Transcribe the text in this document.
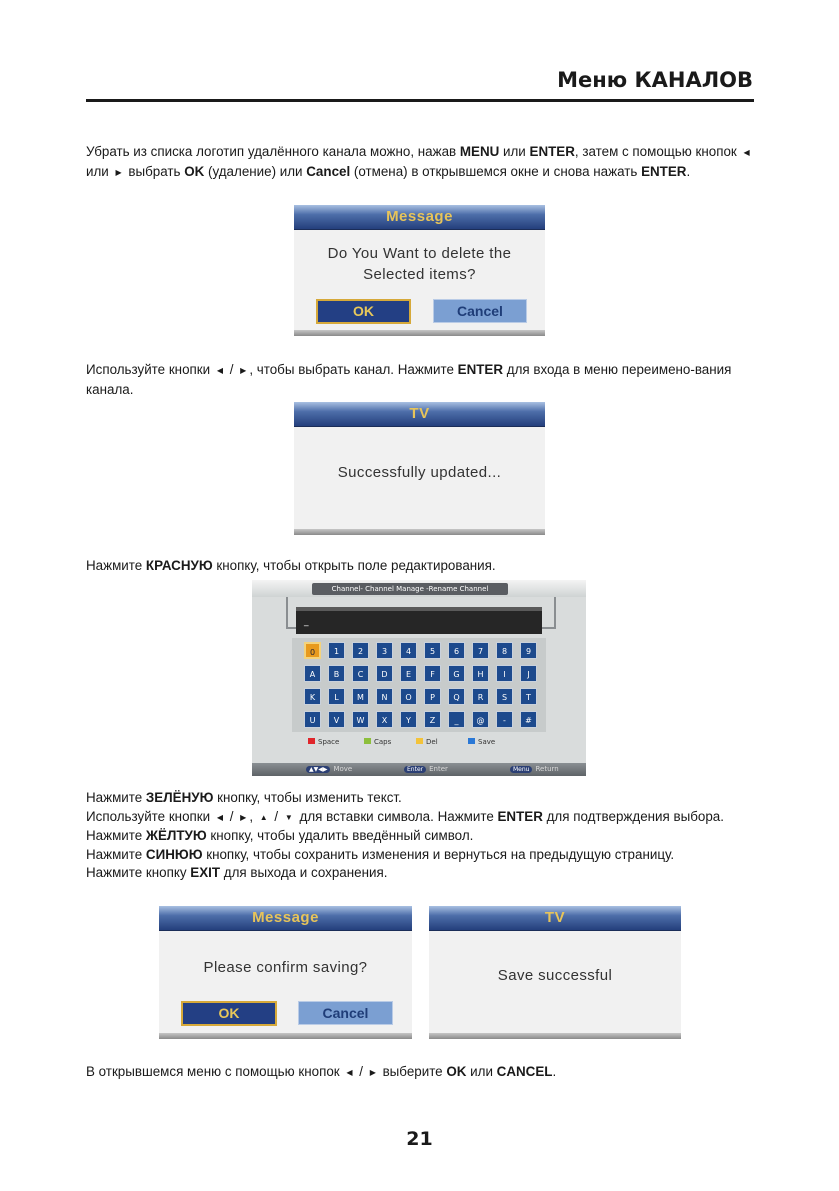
Меню КАНАЛОВ
Убрать из списка логотип удалённого канала можно, нажав MENU или ENTER, затем с помощью кнопок ◀ или ▶ выбрать OK (удаление) или Cancel (отмена) в открывшемся окне и снова нажать ENTER.
Message
Do You Want to delete the
Selected items?
OK	Cancel
Используйте кнопки ◀ / ▶ , чтобы выбрать канал. Нажмите ENTER для входа в меню переимено-вания канала.
TV
Successfully updated...
Нажмите КРАСНУЮ кнопку, чтобы открыть поле редактирования.
Channel- Channel Manage -Rename Channel
_
0	1	2	3	4	5	6	7	8	9
A	B	C	D	E	F	G	H	I	J
K	L	M	N	O	P	Q	R	S	T
U	V	W	X	Y	Z	_	@	-	#
Space	Caps	Del	Save
▲▼◀▶ Move	Enter Enter	Menu Return
Нажмите ЗЕЛЁНУЮ кнопку, чтобы изменить текст.
Используйте кнопки ◀ / ▶ , ▲ / ▼ для вставки символа. Нажмите ENTER для подтверждения выбора.
Нажмите ЖЁЛТУЮ кнопку, чтобы удалить введённый символ.
Нажмите СИНЮЮ кнопку, чтобы сохранить изменения и вернуться на предыдущую страницу.
Нажмите кнопку EXIT для выхода и сохранения.
Message
Please confirm saving?
OK	Cancel
TV
Save successful
В открывшемся меню с помощью кнопок ◀ / ▶ выберите OK или CANCEL.
21
